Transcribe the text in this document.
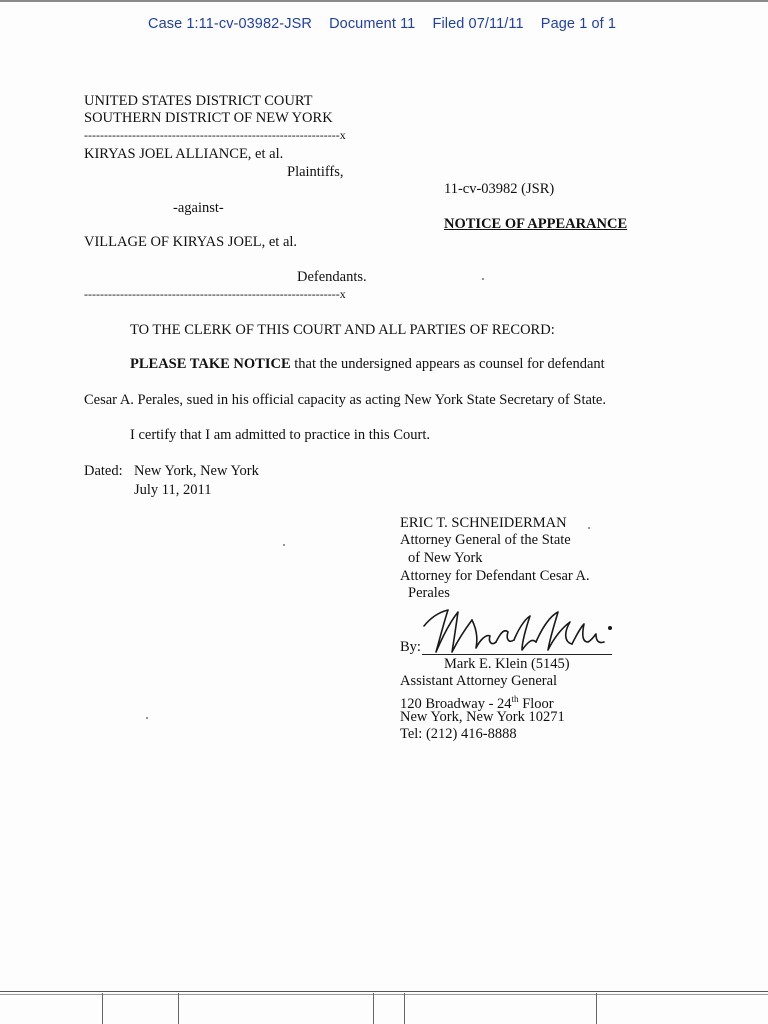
Case 1:11-cv-03982-JSR Document 11 Filed 07/11/11 Page 1 of 1
UNITED STATES DISTRICT COURT
SOUTHERN DISTRICT OF NEW YORK
----------------------------------------------------------------x
KIRYAS JOEL ALLIANCE, et al.
Plaintiffs,
11-cv-03982 (JSR)
-against-
NOTICE OF APPEARANCE
VILLAGE OF KIRYAS JOEL, et al.
Defendants.
----------------------------------------------------------------x
TO THE CLERK OF THIS COURT AND ALL PARTIES OF RECORD:
PLEASE TAKE NOTICE that the undersigned appears as counsel for defendant
Cesar A. Perales, sued in his official capacity as acting New York State Secretary of State.
I certify that I am admitted to practice in this Court.
Dated: New York, New York
July 11, 2011
ERIC T. SCHNEIDERMAN
Attorney General of the State
of New York
Attorney for Defendant Cesar A.
Perales
By:
Mark E. Klein (5145)
Assistant Attorney General
120 Broadway - 24th Floor
New York, New York 10271
Tel: (212) 416-8888
